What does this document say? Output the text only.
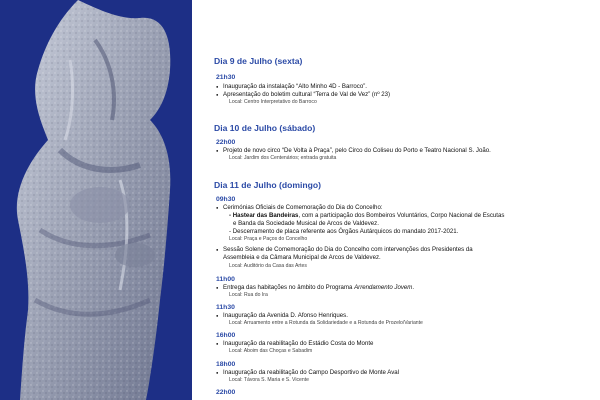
Dia 9 de Julho (sexta)
21h30
● Inauguração da instalação “Alto Minho 4D - Barroco”.
● Apresentação do boletim cultural “Terra de Val de Vez” (nº 23)
Local: Centro Interpretativo do Barroco
Dia 10 de Julho (sábado)
22h00
● Projeto de novo circo “De Volta à Praça”, pelo Circo do Coliseu do Porto e Teatro Nacional S. João.
Local: Jardim dos Centenários; entrada gratuita
Dia 11 de Julho (domingo)
09h30
● Cerimónias Oficiais de Comemoração do Dia do Concelho:
- Hastear das Bandeiras, com a participação dos Bombeiros Voluntários, Corpo Nacional de Escutas
e Banda da Sociedade Musical de Arcos de Valdevez.
- Descerramento de placa referente aos Órgãos Autárquicos do mandato 2017-2021.
Local: Praça e Paços do Concelho
● Sessão Solene de Comemoração do Dia do Concelho com intervenções dos Presidentes da
Assembleia e da Câmara Municipal de Arcos de Valdevez.
Local: Auditório da Casa das Artes
11h00
● Entrega das habitações no âmbito do Programa Arrendamento Jovem.
Local: Rua do Ira
11h30
● Inauguração da Avenida D. Afonso Henriques.
Local: Arruamento entre a Rotunda da Solidariedade e a Rotunda de Prozelo/Variante
16h00
● Inauguração da reabilitação do Estádio Costa do Monte
Local: Aboim das Choças e Sabadim
18h00
● Inauguração da reabilitação do Campo Desportivo de Monte Aval
Local: Távora S. Maria e S. Vicente
22h00
